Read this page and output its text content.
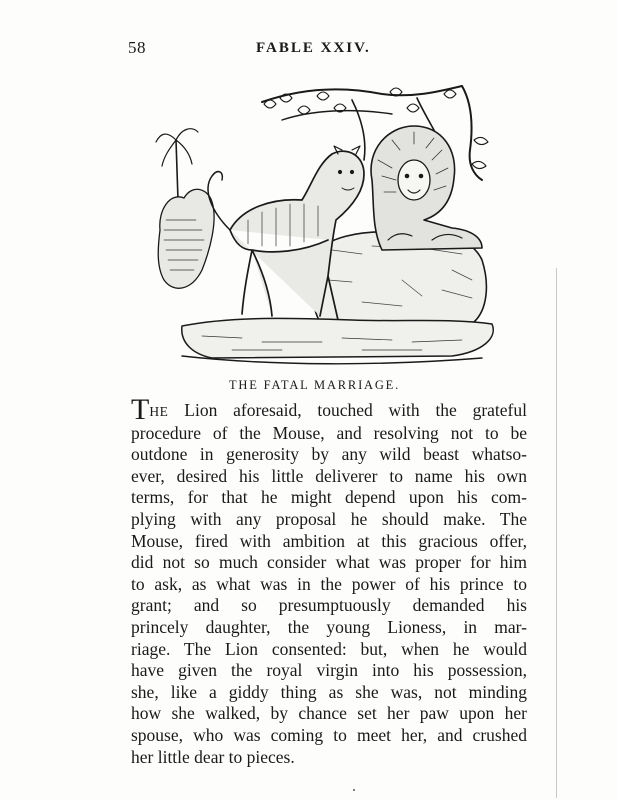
58	FABLE XXIV.
THE FATAL MARRIAGE.
THE Lion aforesaid, touched with the grateful
procedure of the Mouse, and resolving not to be
outdone in generosity by any wild beast whatso-
ever, desired his little deliverer to name his own
terms, for that he might depend upon his com-
plying with any proposal he should make. The
Mouse, fired with ambition at this gracious offer,
did not so much consider what was proper for him
to ask, as what was in the power of his prince to
grant; and so presumptuously demanded his
princely daughter, the young Lioness, in mar-
riage. The Lion consented: but, when he would
have given the royal virgin into his possession,
she, like a giddy thing as she was, not minding
how she walked, by chance set her paw upon her
spouse, who was coming to meet her, and crushed
her little dear to pieces.
